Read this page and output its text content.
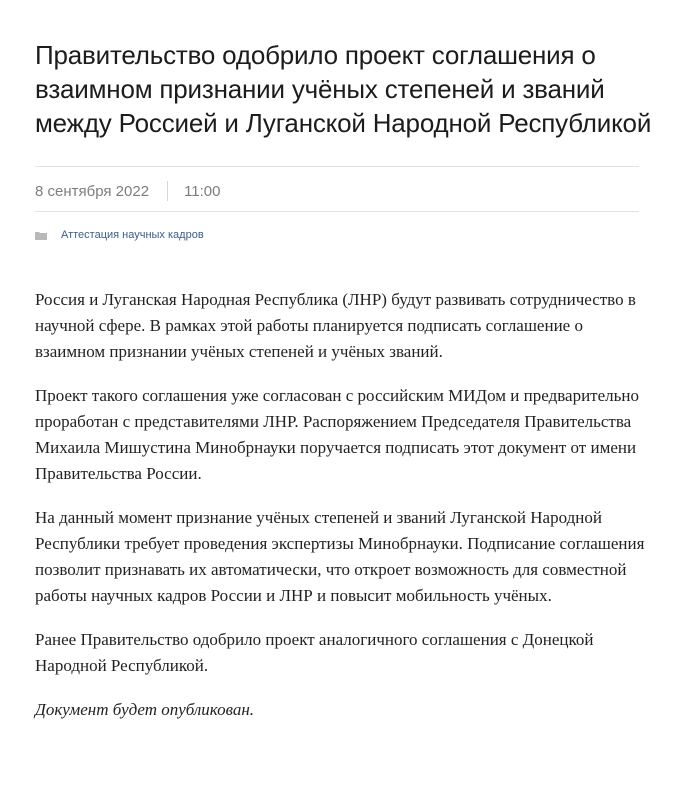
Правительство одобрило проект соглашения о взаимном признании учёных степеней и званий между Россией и Луганской Народной Республикой
8 сентября 2022	11:00
Аттестация научных кадров

Россия и Луганская Народная Республика (ЛНР) будут развивать сотрудничество в научной сфере. В рамках этой работы планируется подписать соглашение о взаимном признании учёных степеней и учёных званий.

Проект такого соглашения уже согласован с российским МИДом и предварительно проработан с представителями ЛНР. Распоряжением Председателя Правительства Михаила Мишустина Минобрнауки поручается подписать этот документ от имени Правительства России.

На данный момент признание учёных степеней и званий Луганской Народной Республики требует проведения экспертизы Минобрнауки. Подписание соглашения позволит признавать их автоматически, что откроет возможность для совместной работы научных кадров России и ЛНР и повысит мобильность учёных.

Ранее Правительство одобрило проект аналогичного соглашения с Донецкой Народной Республикой.

Документ будет опубликован.
